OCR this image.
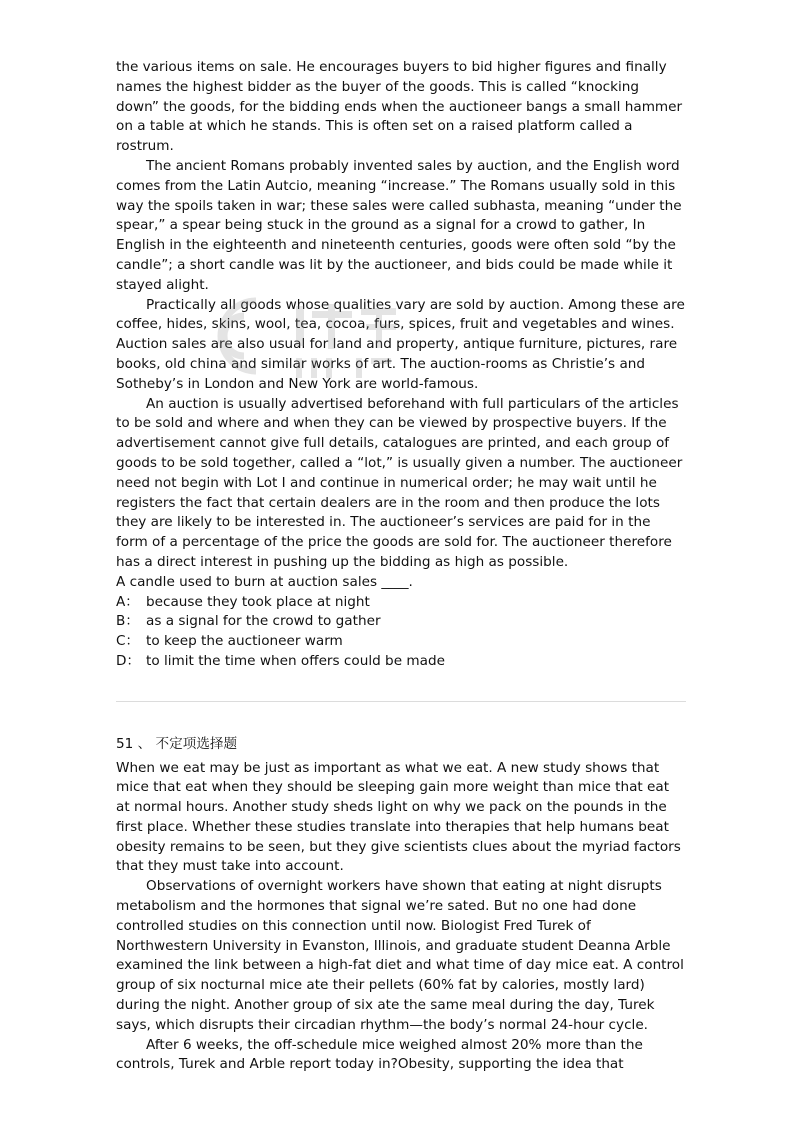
the various items on sale. He encourages buyers to bid higher figures and finally names the highest bidder as the buyer of the goods. This is called “knocking down” the goods, for the bidding ends when the auctioneer bangs a small hammer on a table at which he stands. This is often set on a raised platform called a rostrum.

The ancient Romans probably invented sales by auction, and the English word comes from the Latin Autcio, meaning “increase.” The Romans usually sold in this way the spoils taken in war; these sales were called subhasta, meaning “under the spear,” a spear being stuck in the ground as a signal for a crowd to gather, In English in the eighteenth and nineteenth centuries, goods were often sold “by the candle”; a short candle was lit by the auctioneer, and bids could be made while it stayed alight.

Practically all goods whose qualities vary are sold by auction. Among these are coffee, hides, skins, wool, tea, cocoa, furs, spices, fruit and vegetables and wines. Auction sales are also usual for land and property, antique furniture, pictures, rare books, old china and similar works of art. The auction-rooms as Christie’s and Sotheby’s in London and New York are world-famous.

An auction is usually advertised beforehand with full particulars of the articles to be sold and where and when they can be viewed by prospective buyers. If the advertisement cannot give full details, catalogues are printed, and each group of goods to be sold together, called a “lot,” is usually given a number. The auctioneer need not begin with Lot I and continue in numerical order; he may wait until he registers the fact that certain dealers are in the room and then produce the lots they are likely to be interested in. The auctioneer’s services are paid for in the form of a percentage of the price the goods are sold for. The auctioneer therefore has a direct interest in pushing up the bidding as high as possible.

A candle used to burn at auction sales ____.

A： because they took place at night
B： as a signal for the crowd to gather
C： to keep the auctioneer warm
D： to limit the time when offers could be made

51 、 不定项选择题

When we eat may be just as important as what we eat. A new study shows that mice that eat when they should be sleeping gain more weight than mice that eat at normal hours. Another study sheds light on why we pack on the pounds in the first place. Whether these studies translate into therapies that help humans beat obesity remains to be seen, but they give scientists clues about the myriad factors that they must take into account.

Observations of overnight workers have shown that eating at night disrupts metabolism and the hormones that signal we’re sated. But no one had done controlled studies on this connection until now. Biologist Fred Turek of Northwestern University in Evanston, Illinois, and graduate student Deanna Arble examined the link between a high-fat diet and what time of day mice eat. A control group of six nocturnal mice ate their pellets (60% fat by calories, mostly lard) during the night. Another group of six ate the same meal during the day, Turek says, which disrupts their circadian rhythm—the body’s normal 24-hour cycle.

After 6 weeks, the off-schedule mice weighed almost 20% more than the controls, Turek and Arble report today in?Obesity, supporting the idea that
